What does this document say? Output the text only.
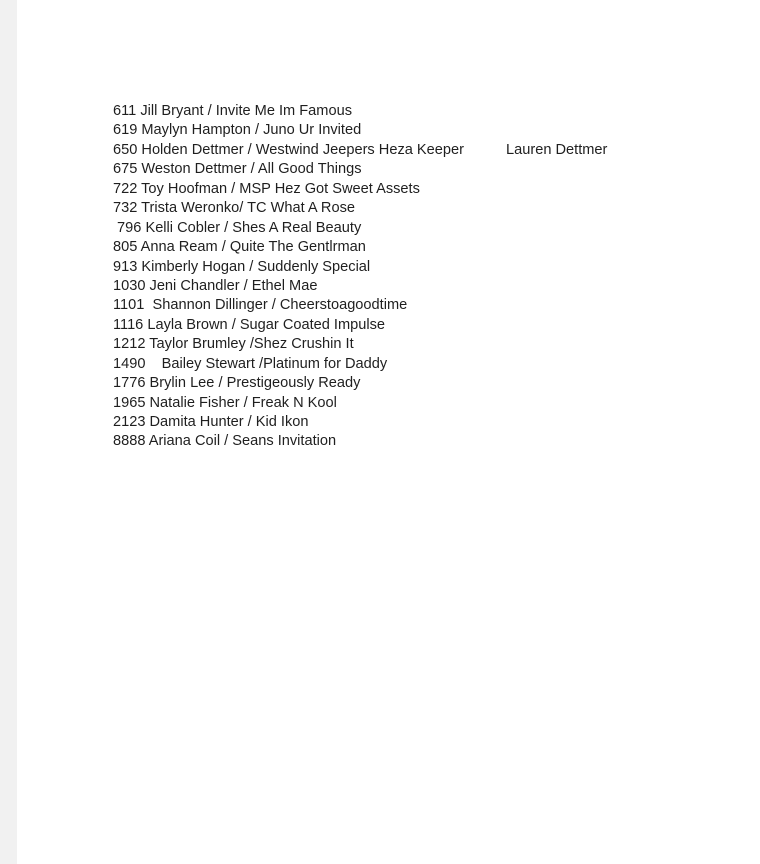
611 Jill Bryant / Invite Me Im Famous
619 Maylyn Hampton / Juno Ur Invited
650 Holden Dettmer / Westwind Jeepers Heza Keeper
675 Weston Dettmer / All Good Things
722 Toy Hoofman / MSP Hez Got Sweet Assets
732 Trista Weronko/ TC What A Rose
796 Kelli Cobler / Shes A Real Beauty
805 Anna Ream / Quite The Gentlrman
913 Kimberly Hogan / Suddenly Special
1030 Jeni Chandler / Ethel Mae
1101  Shannon Dillinger / Cheerstoagoodtime
1116 Layla Brown / Sugar Coated Impulse
1212 Taylor Brumley /Shez Crushin It
1490    Bailey Stewart /Platinum for Daddy
1776 Brylin Lee / Prestigeously Ready
1965 Natalie Fisher / Freak N Kool
2123 Damita Hunter / Kid Ikon
8888 Ariana Coil / Seans Invitation
Lauren Dettmer
